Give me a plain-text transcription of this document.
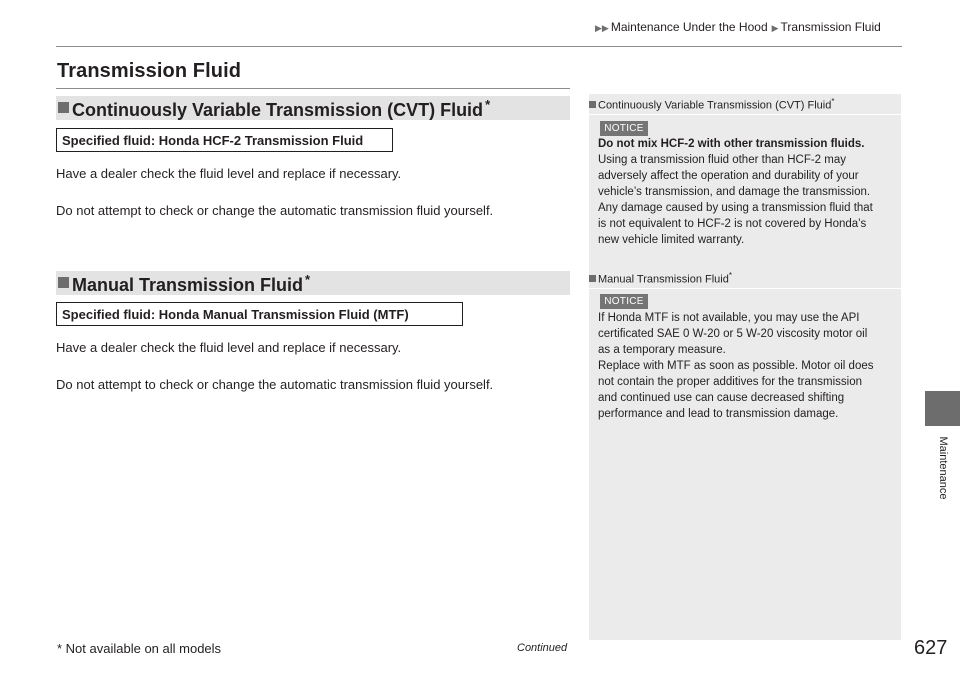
▶▶ Maintenance Under the Hood ▶ Transmission Fluid
Transmission Fluid
Continuously Variable Transmission (CVT) Fluid *
Specified fluid: Honda HCF-2 Transmission Fluid
Have a dealer check the fluid level and replace if necessary.
Do not attempt to check or change the automatic transmission fluid yourself.
Manual Transmission Fluid *
Specified fluid: Honda Manual Transmission Fluid (MTF)
Have a dealer check the fluid level and replace if necessary.
Do not attempt to check or change the automatic transmission fluid yourself.
Continuously Variable Transmission (CVT) Fluid*
NOTICE
Do not mix HCF-2 with other transmission fluids.
Using a transmission fluid other than HCF-2 may
adversely affect the operation and durability of your
vehicle’s transmission, and damage the transmission.
Any damage caused by using a transmission fluid that
is not equivalent to HCF-2 is not covered by Honda’s
new vehicle limited warranty.
Manual Transmission Fluid*
NOTICE
If Honda MTF is not available, you may use the API
certificated SAE 0 W-20 or 5 W-20 viscosity motor oil
as a temporary measure.
Replace with MTF as soon as possible. Motor oil does
not contain the proper additives for the transmission
and continued use can cause decreased shifting
performance and lead to transmission damage.
Maintenance
* Not available on all models	Continued	627
